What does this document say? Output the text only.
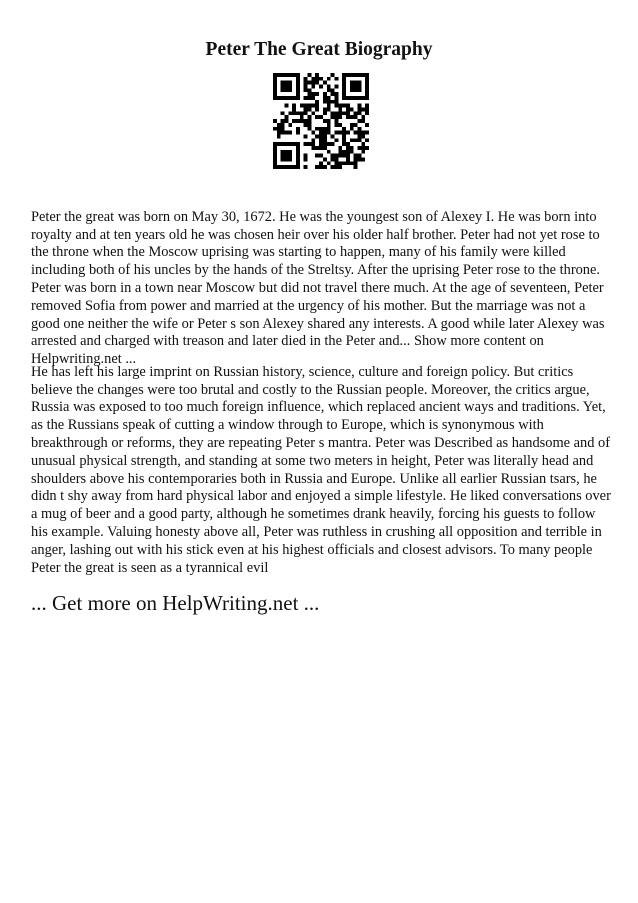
Peter The Great Biography

Peter the great was born on May 30, 1672. He was the youngest son of Alexey I. He was born into royalty and at ten years old he was chosen heir over his older half brother. Peter had not yet rose to the throne when the Moscow uprising was starting to happen, many of his family were killed including both of his uncles by the hands of the Streltsy. After the uprising Peter rose to the throne. Peter was born in a town near Moscow but did not travel there much. At the age of seventeen, Peter removed Sofia from power and married at the urgency of his mother. But the marriage was not a good one neither the wife or Peter s son Alexey shared any interests. A good while later Alexey was arrested and charged with treason and later died in the Peter and... Show more content on Helpwriting.net ...

He has left his large imprint on Russian history, science, culture and foreign policy. But critics believe the changes were too brutal and costly to the Russian people. Moreover, the critics argue, Russia was exposed to too much foreign influence, which replaced ancient ways and traditions. Yet, as the Russians speak of cutting a window through to Europe, which is synonymous with breakthrough or reforms, they are repeating Peter s mantra. Peter was Described as handsome and of unusual physical strength, and standing at some two meters in height, Peter was literally head and shoulders above his contemporaries both in Russia and Europe. Unlike all earlier Russian tsars, he didn t shy away from hard physical labor and enjoyed a simple lifestyle. He liked conversations over a mug of beer and a good party, although he sometimes drank heavily, forcing his guests to follow his example. Valuing honesty above all, Peter was ruthless in crushing all opposition and terrible in anger, lashing out with his stick even at his highest officials and closest advisors. To many people Peter the great is seen as a tyrannical evil

... Get more on HelpWriting.net ...
